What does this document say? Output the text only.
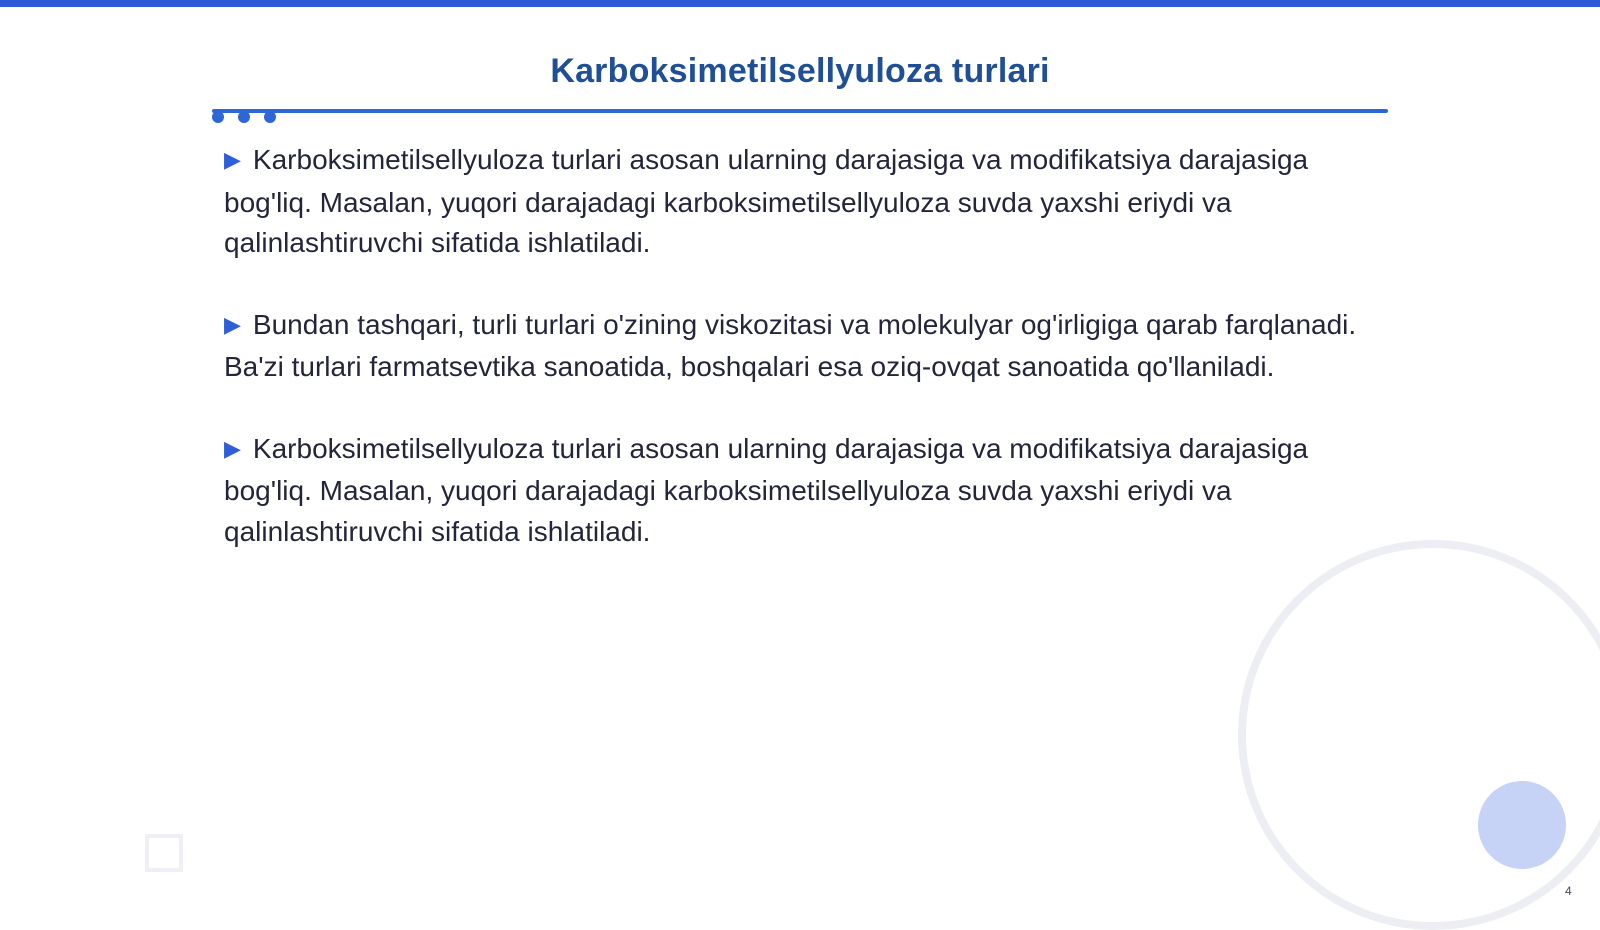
Karboksimetilsellyuloza turlari

▶ Karboksimetilsellyuloza turlari asosan ularning darajasiga va modifikatsiya darajasiga bog'liq. Masalan, yuqori darajadagi karboksimetilsellyuloza suvda yaxshi eriydi va qalinlashtiruvchi sifatida ishlatiladi.

▶ Bundan tashqari, turli turlari o'zining viskozitasi va molekulyar og'irligiga qarab farqlanadi. Ba'zi turlari farmatsevtika sanoatida, boshqalari esa oziq-ovqat sanoatida qo'llaniladi.

▶ Karboksimetilsellyuloza turlari asosan ularning darajasiga va modifikatsiya darajasiga bog'liq. Masalan, yuqori darajadagi karboksimetilsellyuloza suvda yaxshi eriydi va qalinlashtiruvchi sifatida ishlatiladi.

4
